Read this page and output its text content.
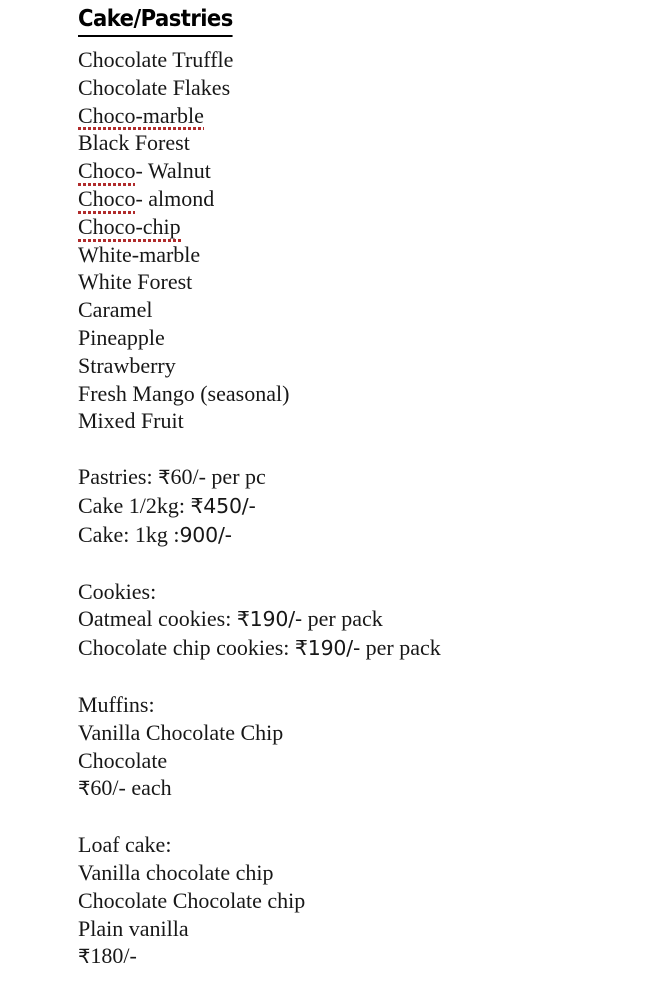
Cake/Pastries
Chocolate Truffle
Chocolate Flakes
Choco-marble
Black Forest
Choco- Walnut
Choco- almond
Choco-chip
White-marble
White Forest
Caramel
Pineapple
Strawberry
Fresh Mango (seasonal)
Mixed Fruit
Pastries: ₹60/- per pc
Cake 1/2kg: ₹450/-
Cake: 1kg :900/-
Cookies:
Oatmeal cookies: ₹190/- per pack
Chocolate chip cookies: ₹190/- per pack
Muffins:
Vanilla Chocolate Chip
Chocolate
₹60/- each
Loaf cake:
Vanilla chocolate chip
Chocolate Chocolate chip
Plain vanilla
₹180/-
